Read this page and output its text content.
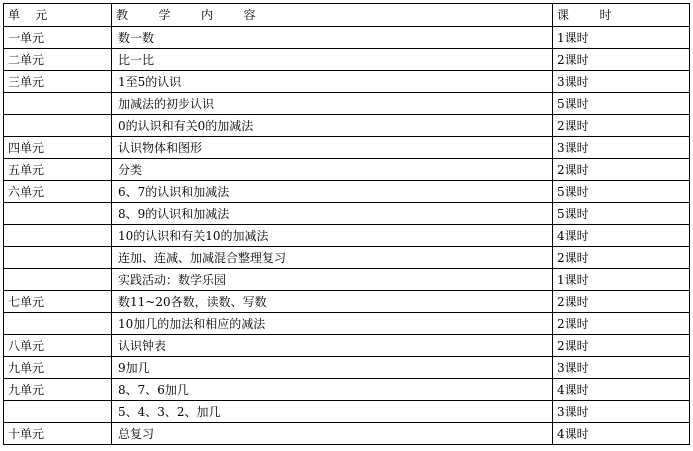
单    元	教        学        内        容	课        时
一单元	数一数	1课时
二单元	比一比	2课时
三单元	1至5的认识	3课时
	加减法的初步认识	5课时
	0的认识和有关0的加减法	2课时
四单元	认识物体和图形	3课时
五单元	分类	2课时
六单元	6、7的认识和加减法	5课时
	8、9的认识和加减法	5课时
	10的认识和有关10的加减法	4课时
	连加、连减、加减混合整理复习	2课时
	实践活动：数学乐园	1课时
七单元	数11~20各数，读数、写数	2课时
	10加几的加法和相应的减法	2课时
八单元	认识钟表	2课时
九单元	9加几	3课时
九单元	8、7、6加几	4课时
	5、4、3、2、加几	3课时
十单元	总复习	4课时
